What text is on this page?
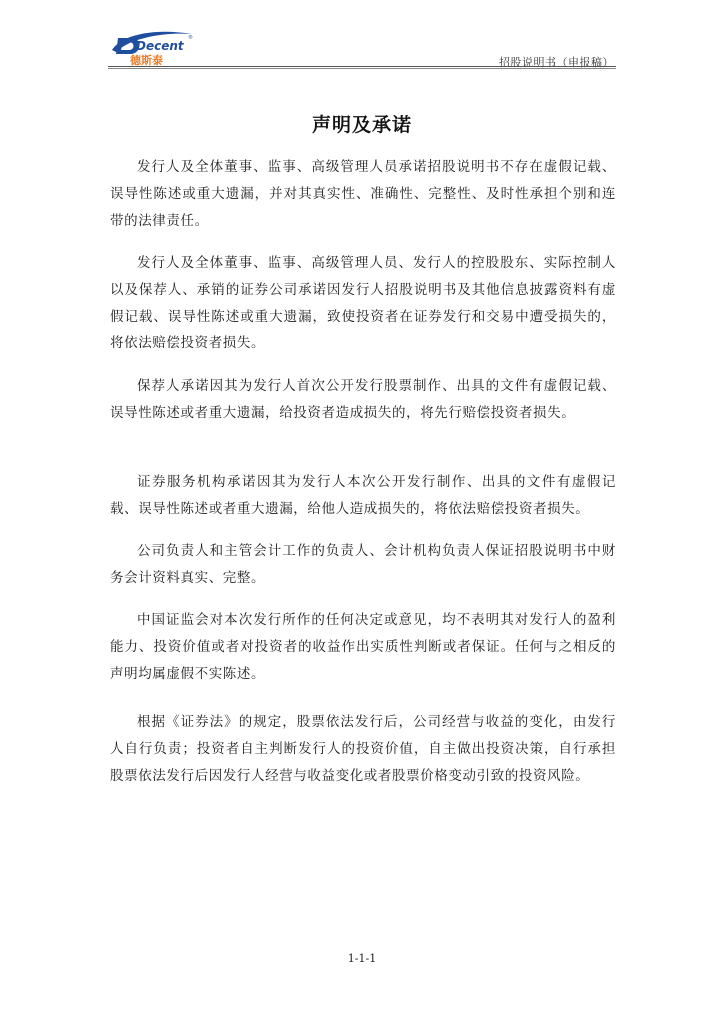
Decent
®
德斯泰	招股说明书（申报稿）
声明及承诺

发行人及全体董事、监事、高级管理人员承诺招股说明书不存在虚假记载、误导性陈述或重大遗漏，并对其真实性、准确性、完整性、及时性承担个别和连带的法律责任。

发行人及全体董事、监事、高级管理人员、发行人的控股股东、实际控制人以及保荐人、承销的证券公司承诺因发行人招股说明书及其他信息披露资料有虚假记载、误导性陈述或重大遗漏，致使投资者在证券发行和交易中遭受损失的，将依法赔偿投资者损失。

保荐人承诺因其为发行人首次公开发行股票制作、出具的文件有虚假记载、误导性陈述或者重大遗漏，给投资者造成损失的，将先行赔偿投资者损失。

证券服务机构承诺因其为发行人本次公开发行制作、出具的文件有虚假记载、误导性陈述或者重大遗漏，给他人造成损失的，将依法赔偿投资者损失。

公司负责人和主管会计工作的负责人、会计机构负责人保证招股说明书中财务会计资料真实、完整。

中国证监会对本次发行所作的任何决定或意见，均不表明其对发行人的盈利能力、投资价值或者对投资者的收益作出实质性判断或者保证。任何与之相反的声明均属虚假不实陈述。

根据《证券法》的规定，股票依法发行后，公司经营与收益的变化，由发行人自行负责；投资者自主判断发行人的投资价值，自主做出投资决策，自行承担股票依法发行后因发行人经营与收益变化或者股票价格变动引致的投资风险。

1-1-1
